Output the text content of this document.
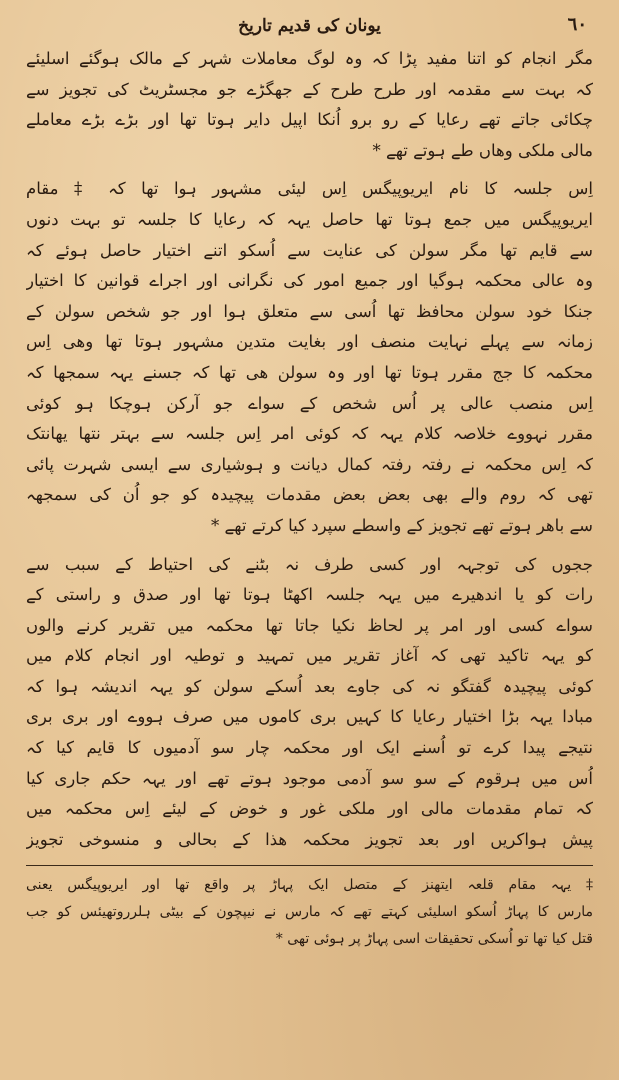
یونان کی قدیم تاریخ	٦٠
مگر انجام کو اتنا مفید پڑا کہ وہ لوگ معاملات شہر کے مالک ہوگئے اسلیئے
کہ بہت سے مقدمہ اور طرح طرح کے جھگڑے جو مجسٹریٹ کی تجویز سے
چکائی جاتے تھے رعایا کے رو برو اُنکا اپیل دایر ہوتا تھا اور بڑے بڑے معاملے
مالی ملکی وھاں طے ہوتے تھے *
اِس جلسہ کا نام ایریوپیگس اِس لیئی مشہور ہوا تھا کہ ‡ مقام
ایریوپیگس میں جمع ہوتا تھا حاصل یہہ کہ رعایا کا جلسہ تو بہت دنوں
سے قایم تھا مگر سولن کی عنایت سے اُسکو اتنے اختیار حاصل ہوئے کہ
وہ عالی محکمہ ہوگیا اور جمیع امور کی نگرانی اور اجراے قوانین کا اختیار
جنکا خود سولن محافظ تھا اُسی سے متعلق ہوا اور جو شخص سولن کے
زمانہ سے پہلے نہایت منصف اور بغایت متدین مشہور ہوتا تھا وھی اِس
محکمہ کا جج مقرر ہوتا تھا اور وہ سولن ھی تھا کہ جسنے یہہ سمجھا کہ
اِس منصب عالی پر اُس شخص کے سواے جو آرکن ہوچکا ہو کوئی
مقرر نہووے خلاصہ کلام یہہ کہ کوئی امر اِس جلسہ سے بہتر نتھا یھانتک
کہ اِس محکمہ نے رفتہ رفتہ کمال دیانت و ہوشیاری سے ایسی شہرت پائی
تھی کہ روم والے بھی بعض بعض مقدمات پیچیدہ کو جو اُن کی سمجھہ
سے باھر ہوتے تھے تجویز کے واسطے سپرد کیا کرتے تھے *
ججوں کی توجہہ اور کسی طرف نہ بٹنے کی احتیاط کے سبب سے
رات کو یا اندھیرے میں یہہ جلسہ اکھٹا ہوتا تھا اور صدق و راستی کے
سواے کسی اور امر پر لحاظ نکیا جاتا تھا محکمہ میں تقریر کرنے والوں
کو یہہ تاکید تھی کہ آغاز تقریر میں تمہید و توطیہ اور انجام کلام میں
کوئی پیچیدہ گفتگو نہ کی جاوے بعد اُسکے سولن کو یہہ اندیشہ ہوا کہ
مبادا یہہ بڑا اختیار رعایا کا کہیں بری کاموں میں صرف ہووے اور بری بری
نتیجے پیدا کرے تو اُسنے ایک اور محکمہ چار سو آدمیوں کا قایم کیا کہ
اُس میں ہرقوم کے سو سو آدمی موجود ہوتے تھے اور یہہ حکم جاری کیا
کہ تمام مقدمات مالی اور ملکی غور و خوض کے لیئے اِس محکمہ میں
پیش ہواکریں اور بعد تجویز محکمہ ھذا کے بحالی و منسوخی تجویز
‡ یہہ مقام قلعہ ایتھنز کے متصل ایک پہاڑ پر واقع تھا اور ایریوپیگس یعنی
مارس کا پہاڑ اُسکو اسلیئی کہتے تھے کہ مارس نے نیپچون کے بیٹی ہلرروتھیئس کو جب
قتل کیا تھا تو اُسکی تحقیقات اسی پہاڑ پر ہوئی تھی *
